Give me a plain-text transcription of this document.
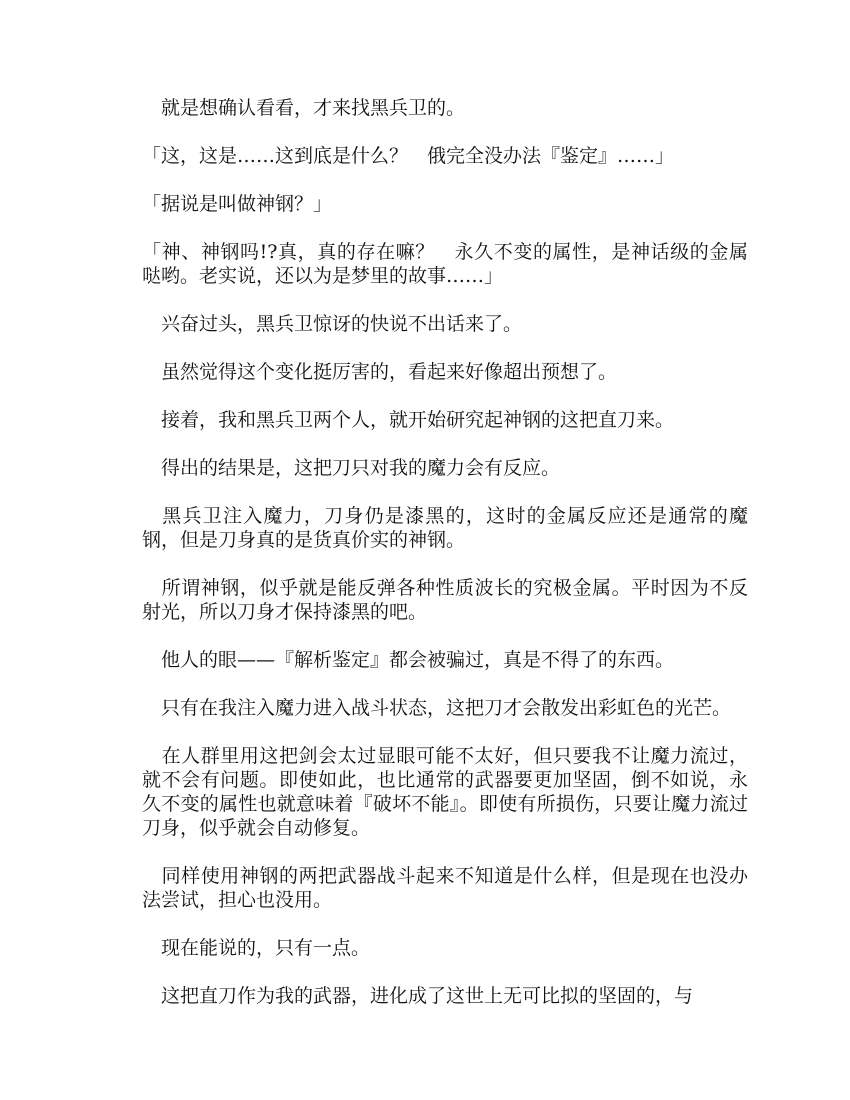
　就是想确认看看，才来找黑兵卫的。

「这，这是……这到底是什么？　俄完全没办法『鉴定』……」

「据说是叫做神钢？」

「神、神钢吗!?真，真的存在嘛？　永久不变的属性，是神话级的金属哒哟。老实说，还以为是梦里的故事……」

　兴奋过头，黑兵卫惊讶的快说不出话来了。

　虽然觉得这个变化挺厉害的，看起来好像超出预想了。

　接着，我和黑兵卫两个人，就开始研究起神钢的这把直刀来。

　得出的结果是，这把刀只对我的魔力会有反应。

　黑兵卫注入魔力，刀身仍是漆黑的，这时的金属反应还是通常的魔钢，但是刀身真的是货真价实的神钢。

　所谓神钢，似乎就是能反弹各种性质波长的究极金属。平时因为不反射光，所以刀身才保持漆黑的吧。

　他人的眼——『解析鉴定』都会被骗过，真是不得了的东西。

　只有在我注入魔力进入战斗状态，这把刀才会散发出彩虹色的光芒。

　在人群里用这把剑会太过显眼可能不太好，但只要我不让魔力流过，就不会有问题。即使如此，也比通常的武器要更加坚固，倒不如说，永久不变的属性也就意味着『破坏不能』。即使有所损伤，只要让魔力流过刀身，似乎就会自动修复。

　同样使用神钢的两把武器战斗起来不知道是什么样，但是现在也没办法尝试，担心也没用。

　现在能说的，只有一点。

　这把直刀作为我的武器，进化成了这世上无可比拟的坚固的，与
